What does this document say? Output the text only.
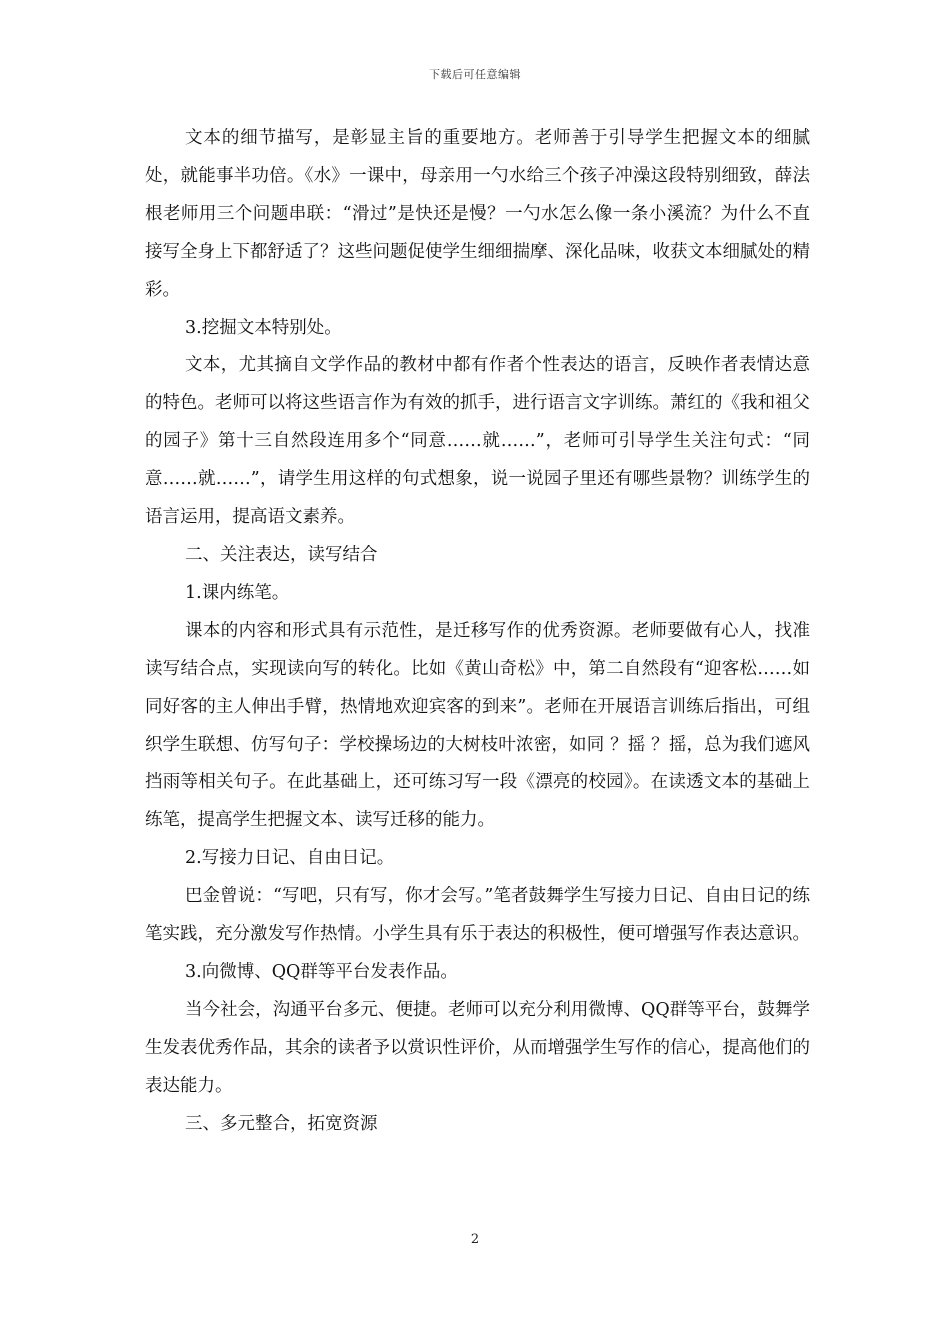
下载后可任意编辑

文本的细节描写，是彰显主旨的重要地方。老师善于引导学生把握文本的细腻处，就能事半功倍。《水》一课中，母亲用一勺水给三个孩子冲澡这段特别细致，薛法根老师用三个问题串联：“滑过”是快还是慢？一勺水怎么像一条小溪流？为什么不直接写全身上下都舒适了？这些问题促使学生细细揣摩、深化品味，收获文本细腻处的精彩。

3.挖掘文本特别处。

文本，尤其摘自文学作品的教材中都有作者个性表达的语言，反映作者表情达意的特色。老师可以将这些语言作为有效的抓手，进行语言文字训练。萧红的《我和祖父的园子》第十三自然段连用多个“同意……就……”，老师可引导学生关注句式：“同意……就……”，请学生用这样的句式想象，说一说园子里还有哪些景物？训练学生的语言运用，提高语文素养。

二、关注表达，读写结合

1.课内练笔。

课本的内容和形式具有示范性，是迁移写作的优秀资源。老师要做有心人，找准读写结合点，实现读向写的转化。比如《黄山奇松》中，第二自然段有“迎客松……如同好客的主人伸出手臂，热情地欢迎宾客的到来”。老师在开展语言训练后指出，可组织学生联想、仿写句子：学校操场边的大树枝叶浓密，如同 ？摇 ？摇，总为我们遮风挡雨等相关句子。在此基础上，还可练习写一段《漂亮的校园》。在读透文本的基础上练笔，提高学生把握文本、读写迁移的能力。

2.写接力日记、自由日记。

巴金曾说：“写吧，只有写，你才会写。”笔者鼓舞学生写接力日记、自由日记的练笔实践，充分激发写作热情。小学生具有乐于表达的积极性，便可增强写作表达意识。

3.向微博、QQ群等平台发表作品。

当今社会，沟通平台多元、便捷。老师可以充分利用微博、QQ群等平台，鼓舞学生发表优秀作品，其余的读者予以赏识性评价，从而增强学生写作的信心，提高他们的表达能力。

三、多元整合，拓宽资源

2
